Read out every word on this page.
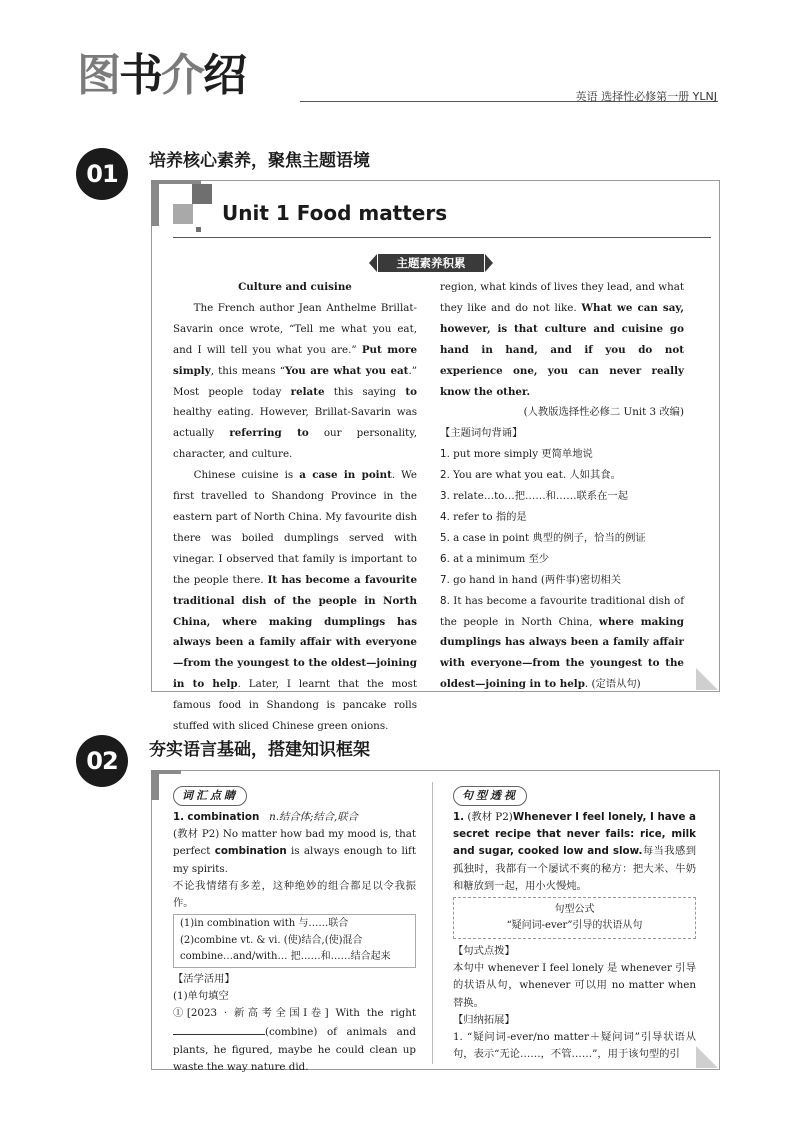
图书介绍	英语 选择性必修第一册 YLNJ
01	培养核心素养，聚焦主题语境
Unit 1 Food matters
主题素养积累

Culture and cuisine

The French author Jean Anthelme Brillat-Savarin once wrote, “Tell me what you eat, and I will tell you what you are.” Put more simply, this means “You are what you eat.” Most people today relate this saying to healthy eating. However, Brillat-Savarin was actually referring to our personality, character, and culture.

Chinese cuisine is a case in point. We first travelled to Shandong Province in the eastern part of North China. My favourite dish there was boiled dumplings served with vinegar. I observed that family is important to the people there. It has become a favourite traditional dish of the people in North China, where making dumplings has always been a family affair with everyone—from the youngest to the oldest—joining in to help. Later, I learnt that the most famous food in Shandong is pancake rolls stuffed with sliced Chinese green onions.

region, what kinds of lives they lead, and what they like and do not like. What we can say, however, is that culture and cuisine go hand in hand, and if you do not experience one, you can never really know the other.

(人教版选择性必修二 Unit 3 改编)

【主题词句背诵】

1. put more simply 更简单地说

2. You are what you eat. 人如其食。

3. relate…to…把……和……联系在一起

4. refer to 指的是

5. a case in point 典型的例子，恰当的例证

6. at a minimum 至少

7. go hand in hand (两件事)密切相关

8. It has become a favourite traditional dish of the people in North China, where making dumplings has always been a family affair with everyone—from the youngest to the oldest—joining in to help. (定语从句)

02	夯实语言基础，搭建知识框架
词汇点睛

1. combination n.结合体;结合,联合

(教材 P2) No matter how bad my mood is, that perfect combination is always enough to lift my spirits.

不论我情绪有多差，这种绝妙的组合都足以令我振作。

(1)in combination with 与……联合
(2)combine vt. & vi. (使)结合,(使)混合
combine…and/with… 把……和……结合起来

【活学活用】

(1)单句填空

①[2023 · 新高考全国Ⅰ卷] With the right (combine) of animals and plants, he figured, maybe he could clean up waste the way nature did.

句型透视

1. (教材 P2)Whenever I feel lonely, I have a secret recipe that never fails: rice, milk and sugar, cooked low and slow.每当我感到孤独时，我都有一个屡试不爽的秘方：把大米、牛奶和糖放到一起，用小火慢炖。

句型公式
“疑问词-ever”引导的状语从句

【句式点拨】

本句中 whenever I feel lonely 是 whenever 引导的状语从句，whenever 可以用 no matter when 替换。

【归纳拓展】

1. “疑问词-ever/no matter＋疑问词”引导状语从句，表示“无论……，不管……”，用于该句型的引
